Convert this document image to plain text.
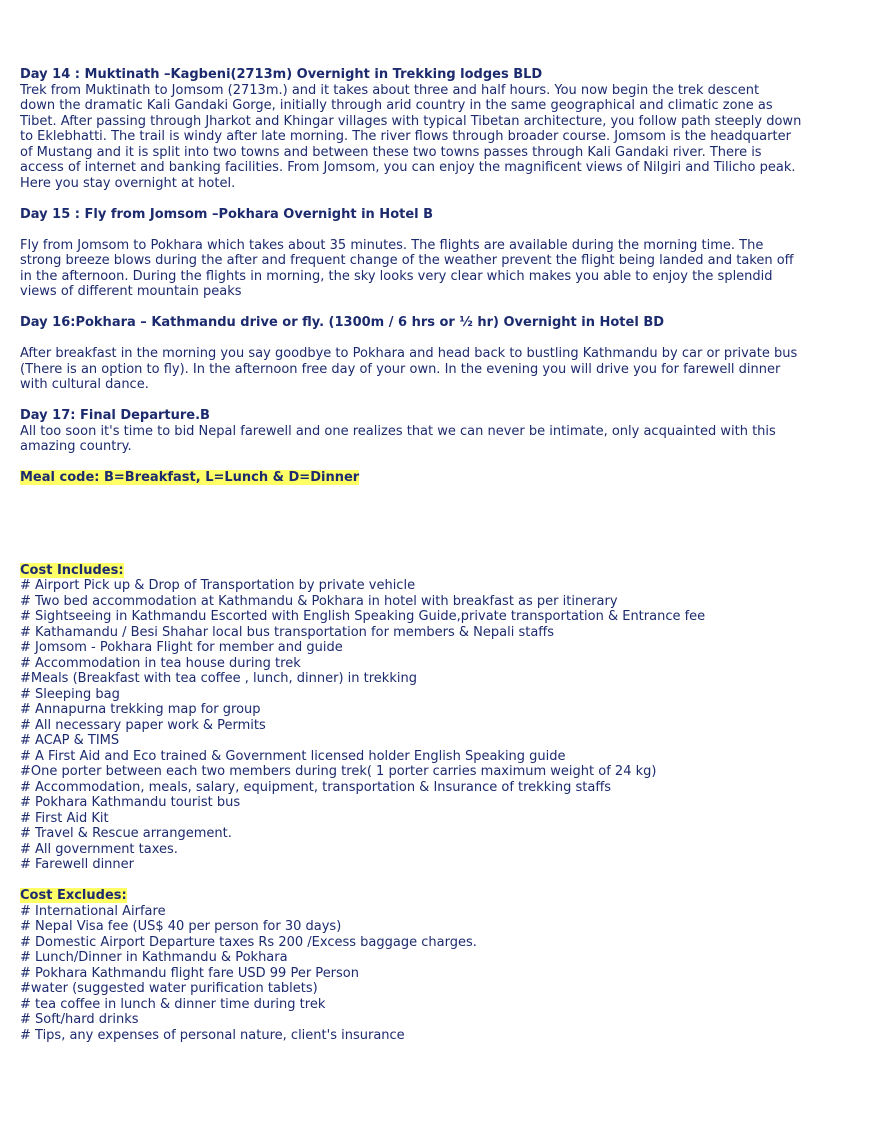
Day 14 : Muktinath –Kagbeni(2713m) Overnight in Trekking lodges BLD
Trek from Muktinath to Jomsom (2713m.) and it takes about three and half hours. You now begin the trek descent
down the dramatic Kali Gandaki Gorge, initially through arid country in the same geographical and climatic zone as
Tibet. After passing through Jharkot and Khingar villages with typical Tibetan architecture, you follow path steeply down
to Eklebhatti. The trail is windy after late morning. The river flows through broader course. Jomsom is the headquarter
of Mustang and it is split into two towns and between these two towns passes through Kali Gandaki river. There is
access of internet and banking facilities. From Jomsom, you can enjoy the magnificent views of Nilgiri and Tilicho peak.
Here you stay overnight at hotel.
Day 15 : Fly from Jomsom –Pokhara Overnight in Hotel B
Fly from Jomsom to Pokhara which takes about 35 minutes. The flights are available during the morning time. The
strong breeze blows during the after and frequent change of the weather prevent the flight being landed and taken off
in the afternoon. During the flights in morning, the sky looks very clear which makes you able to enjoy the splendid
views of different mountain peaks
Day 16:Pokhara – Kathmandu drive or fly. (1300m / 6 hrs or ½ hr) Overnight in Hotel BD
After breakfast in the morning you say goodbye to Pokhara and head back to bustling Kathmandu by car or private bus
(There is an option to fly). In the afternoon free day of your own. In the evening you will drive you for farewell dinner
with cultural dance.
Day 17: Final Departure.B
All too soon it's time to bid Nepal farewell and one realizes that we can never be intimate, only acquainted with this
amazing country.
Meal code: B=Breakfast, L=Lunch & D=Dinner
Cost Includes:
# Airport Pick up & Drop of Transportation by private vehicle
# Two bed accommodation at Kathmandu & Pokhara in hotel with breakfast as per itinerary
# Sightseeing in Kathmandu Escorted with English Speaking Guide,private transportation & Entrance fee
# Kathamandu / Besi Shahar local bus transportation for members & Nepali staffs
# Jomsom - Pokhara Flight for member and guide
# Accommodation in tea house during trek
#Meals (Breakfast with tea coffee , lunch, dinner) in trekking
# Sleeping bag
# Annapurna trekking map for group
# All necessary paper work & Permits
# ACAP & TIMS
# A First Aid and Eco trained & Government licensed holder English Speaking guide
#One porter between each two members during trek( 1 porter carries maximum weight of 24 kg)
# Accommodation, meals, salary, equipment, transportation & Insurance of trekking staffs
# Pokhara Kathmandu tourist bus
# First Aid Kit
# Travel & Rescue arrangement.
# All government taxes.
# Farewell dinner
Cost Excludes:
# International Airfare
# Nepal Visa fee (US$ 40 per person for 30 days)
# Domestic Airport Departure taxes Rs 200 /Excess baggage charges.
# Lunch/Dinner in Kathmandu & Pokhara
# Pokhara Kathmandu flight fare USD 99 Per Person
#water (suggested water purification tablets)
# tea coffee in lunch & dinner time during trek
# Soft/hard drinks
# Tips, any expenses of personal nature, client's insurance
